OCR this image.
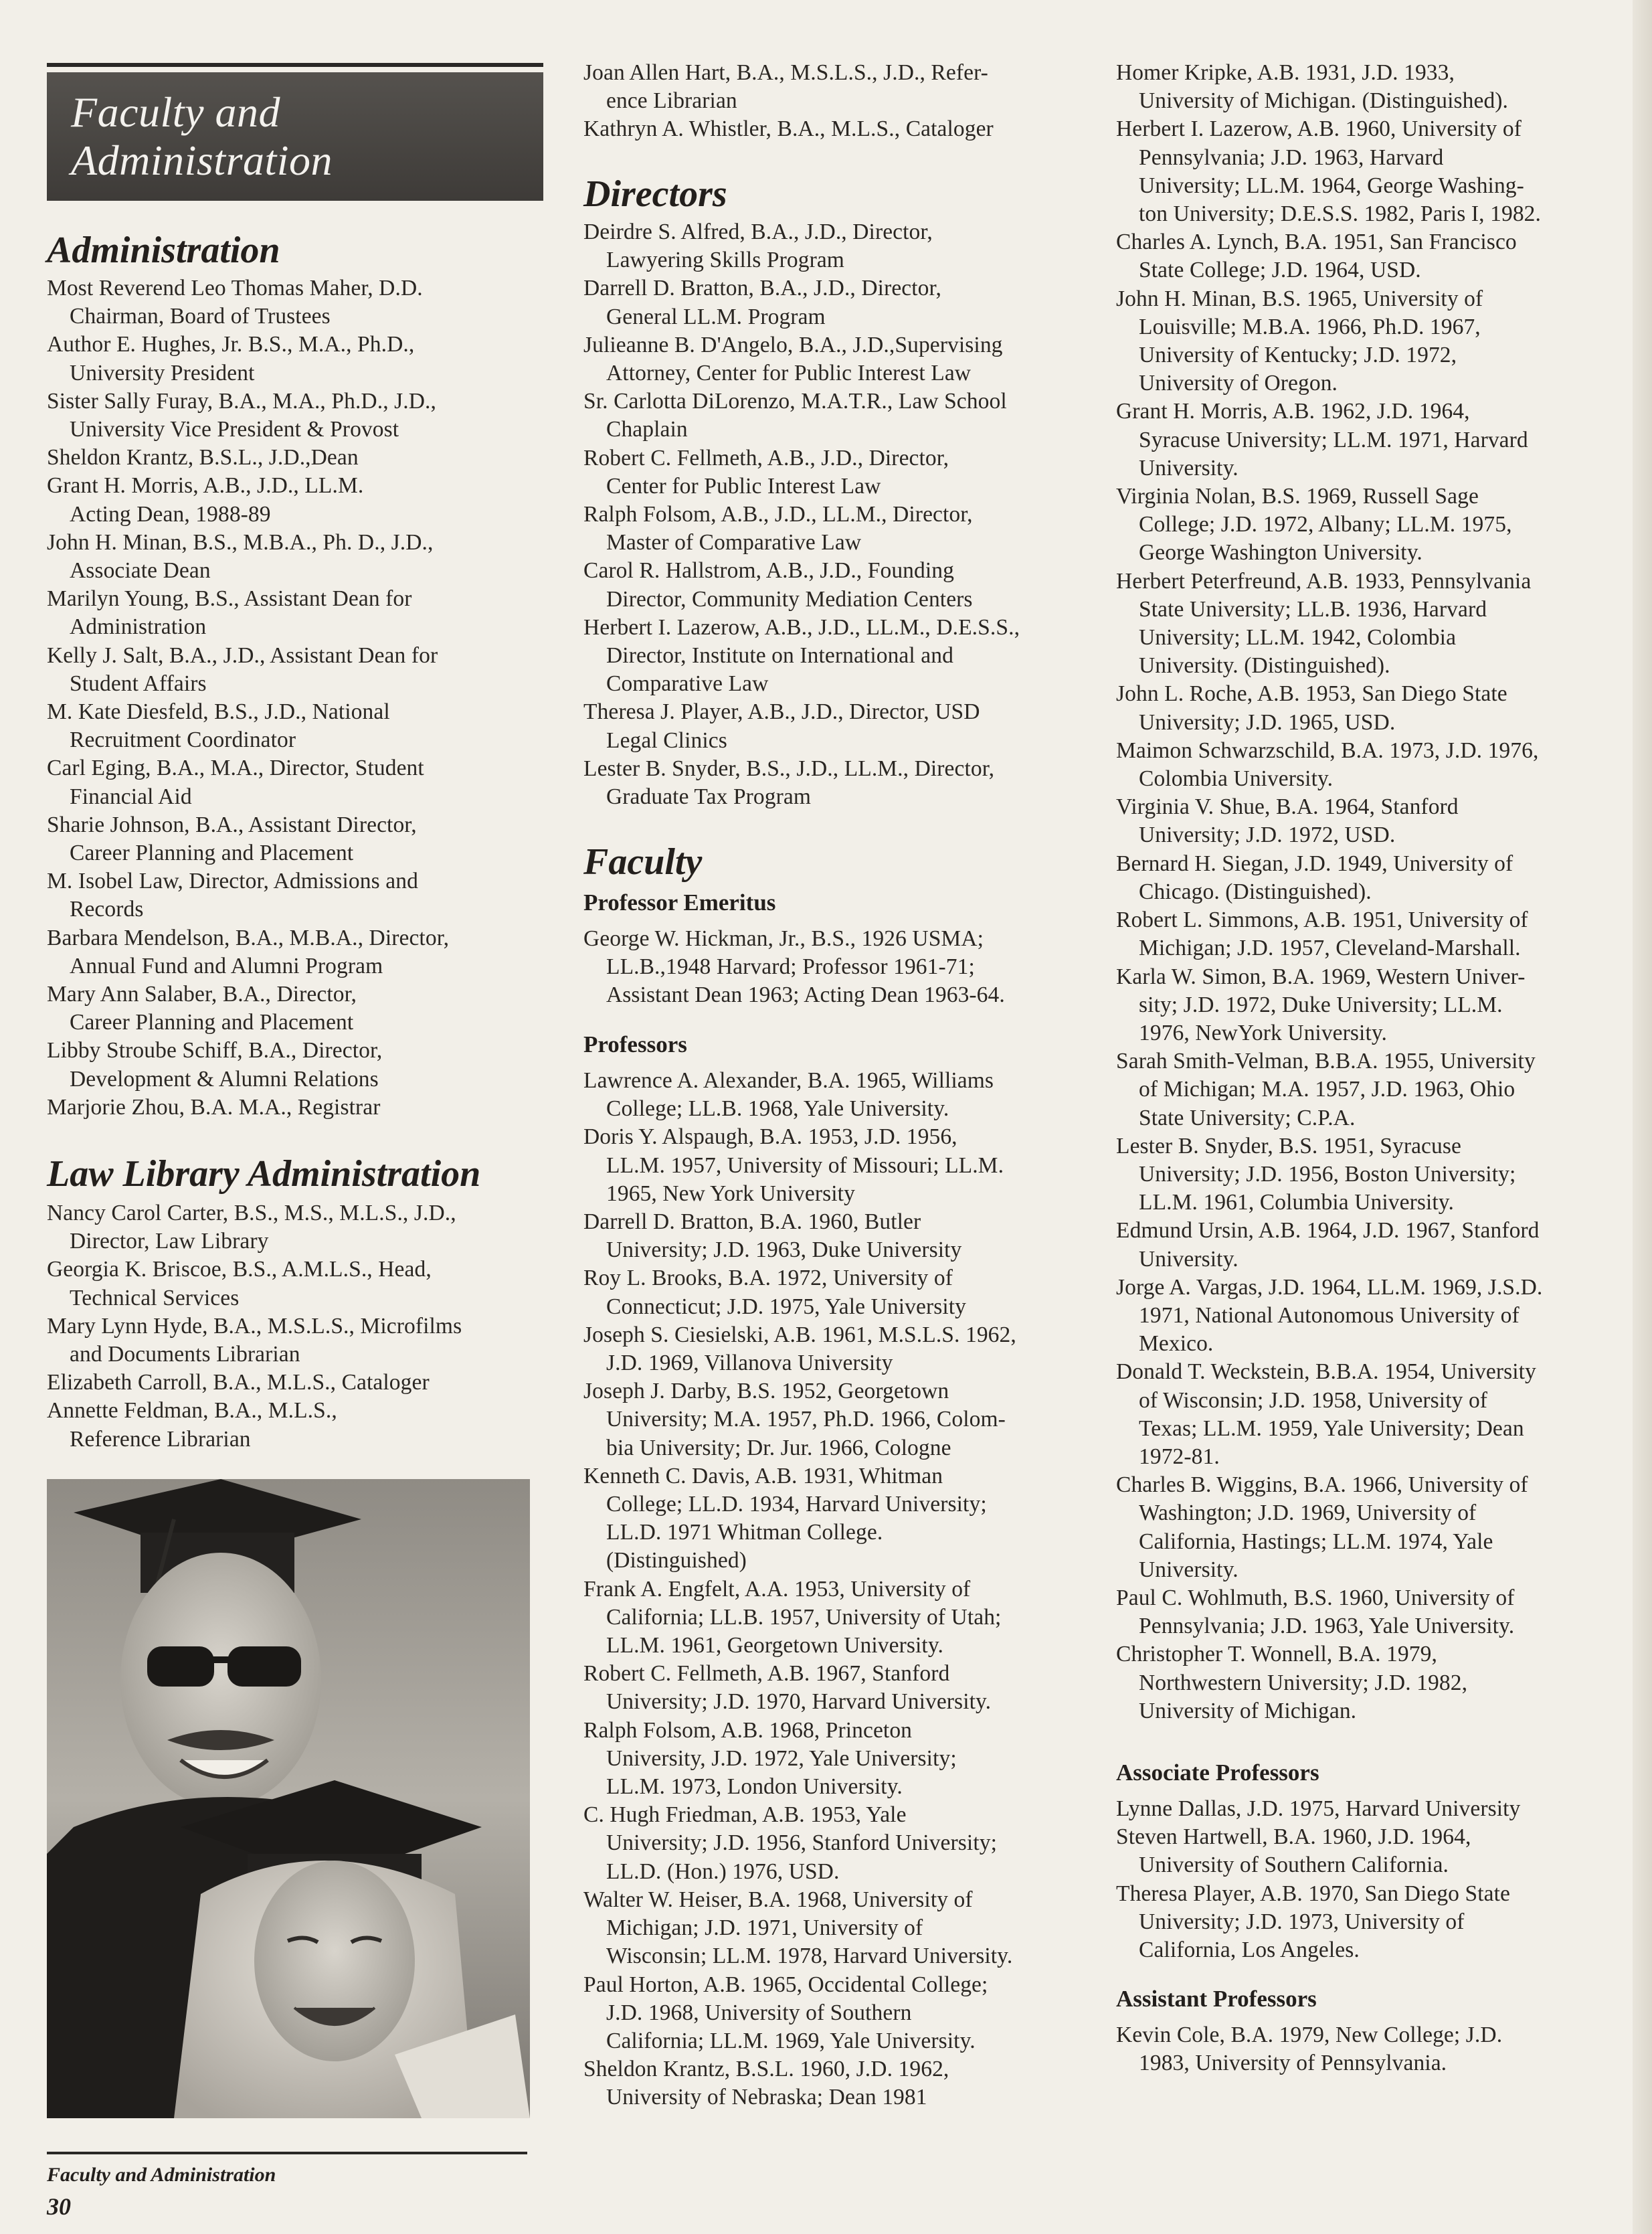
Faculty and
Administration
Administration
Most Reverend Leo Thomas Maher, D.D.
Chairman, Board of Trustees
Author E. Hughes, Jr. B.S., M.A., Ph.D.,
University President
Sister Sally Furay, B.A., M.A., Ph.D., J.D.,
University Vice President & Provost
Sheldon Krantz, B.S.L., J.D.,Dean
Grant H. Morris, A.B., J.D., LL.M.
Acting Dean, 1988-89
John H. Minan, B.S., M.B.A., Ph. D., J.D.,
Associate Dean
Marilyn Young, B.S., Assistant Dean for
Administration
Kelly J. Salt, B.A., J.D., Assistant Dean for
Student Affairs
M. Kate Diesfeld, B.S., J.D., National
Recruitment Coordinator
Carl Eging, B.A., M.A., Director, Student
Financial Aid
Sharie Johnson, B.A., Assistant Director,
Career Planning and Placement
M. Isobel Law, Director, Admissions and
Records
Barbara Mendelson, B.A., M.B.A., Director,
Annual Fund and Alumni Program
Mary Ann Salaber, B.A., Director,
Career Planning and Placement
Libby Stroube Schiff, B.A., Director,
Development & Alumni Relations
Marjorie Zhou, B.A. M.A., Registrar
Law Library Administration
Nancy Carol Carter, B.S., M.S., M.L.S., J.D.,
Director, Law Library
Georgia K. Briscoe, B.S., A.M.L.S., Head,
Technical Services
Mary Lynn Hyde, B.A., M.S.L.S., Microfilms
and Documents Librarian
Elizabeth Carroll, B.A., M.L.S., Cataloger
Annette Feldman, B.A., M.L.S.,
Reference Librarian
Joan Allen Hart, B.A., M.S.L.S., J.D., Refer-
ence Librarian
Kathryn A. Whistler, B.A., M.L.S., Cataloger
Directors
Deirdre S. Alfred, B.A., J.D., Director,
Lawyering Skills Program
Darrell D. Bratton, B.A., J.D., Director,
General LL.M. Program
Julieanne B. D'Angelo, B.A., J.D.,Supervising
Attorney, Center for Public Interest Law
Sr. Carlotta DiLorenzo, M.A.T.R., Law School
Chaplain
Robert C. Fellmeth, A.B., J.D., Director,
Center for Public Interest Law
Ralph Folsom, A.B., J.D., LL.M., Director,
Master of Comparative Law
Carol R. Hallstrom, A.B., J.D., Founding
Director, Community Mediation Centers
Herbert I. Lazerow, A.B., J.D., LL.M., D.E.S.S.,
Director, Institute on International and
Comparative Law
Theresa J. Player, A.B., J.D., Director, USD
Legal Clinics
Lester B. Snyder, B.S., J.D., LL.M., Director,
Graduate Tax Program
Faculty
Professor Emeritus
George W. Hickman, Jr., B.S., 1926 USMA;
LL.B.,1948 Harvard; Professor 1961-71;
Assistant Dean 1963; Acting Dean 1963-64.
Professors
Lawrence A. Alexander, B.A. 1965, Williams
College; LL.B. 1968, Yale University.
Doris Y. Alspaugh, B.A. 1953, J.D. 1956,
LL.M. 1957, University of Missouri; LL.M.
1965, New York University
Darrell D. Bratton, B.A. 1960, Butler
University; J.D. 1963, Duke University
Roy L. Brooks, B.A. 1972, University of
Connecticut; J.D. 1975, Yale University
Joseph S. Ciesielski, A.B. 1961, M.S.L.S. 1962,
J.D. 1969, Villanova University
Joseph J. Darby, B.S. 1952, Georgetown
University; M.A. 1957, Ph.D. 1966, Colom-
bia University; Dr. Jur. 1966, Cologne
Kenneth C. Davis, A.B. 1931, Whitman
College; LL.D. 1934, Harvard University;
LL.D. 1971 Whitman College.
(Distinguished)
Frank A. Engfelt, A.A. 1953, University of
California; LL.B. 1957, University of Utah;
LL.M. 1961, Georgetown University.
Robert C. Fellmeth, A.B. 1967, Stanford
University; J.D. 1970, Harvard University.
Ralph Folsom, A.B. 1968, Princeton
University, J.D. 1972, Yale University;
LL.M. 1973, London University.
C. Hugh Friedman, A.B. 1953, Yale
University; J.D. 1956, Stanford University;
LL.D. (Hon.) 1976, USD.
Walter W. Heiser, B.A. 1968, University of
Michigan; J.D. 1971, University of
Wisconsin; LL.M. 1978, Harvard University.
Paul Horton, A.B. 1965, Occidental College;
J.D. 1968, University of Southern
California; LL.M. 1969, Yale University.
Sheldon Krantz, B.S.L. 1960, J.D. 1962,
University of Nebraska; Dean 1981
Homer Kripke, A.B. 1931, J.D. 1933,
University of Michigan. (Distinguished).
Herbert I. Lazerow, A.B. 1960, University of
Pennsylvania; J.D. 1963, Harvard
University; LL.M. 1964, George Washing-
ton University; D.E.S.S. 1982, Paris I, 1982.
Charles A. Lynch, B.A. 1951, San Francisco
State College; J.D. 1964, USD.
John H. Minan, B.S. 1965, University of
Louisville; M.B.A. 1966, Ph.D. 1967,
University of Kentucky; J.D. 1972,
University of Oregon.
Grant H. Morris, A.B. 1962, J.D. 1964,
Syracuse University; LL.M. 1971, Harvard
University.
Virginia Nolan, B.S. 1969, Russell Sage
College; J.D. 1972, Albany; LL.M. 1975,
George Washington University.
Herbert Peterfreund, A.B. 1933, Pennsylvania
State University; LL.B. 1936, Harvard
University; LL.M. 1942, Colombia
University. (Distinguished).
John L. Roche, A.B. 1953, San Diego State
University; J.D. 1965, USD.
Maimon Schwarzschild, B.A. 1973, J.D. 1976,
Colombia University.
Virginia V. Shue, B.A. 1964, Stanford
University; J.D. 1972, USD.
Bernard H. Siegan, J.D. 1949, University of
Chicago. (Distinguished).
Robert L. Simmons, A.B. 1951, University of
Michigan; J.D. 1957, Cleveland-Marshall.
Karla W. Simon, B.A. 1969, Western Univer-
sity; J.D. 1972, Duke University; LL.M.
1976, NewYork University.
Sarah Smith-Velman, B.B.A. 1955, University
of Michigan; M.A. 1957, J.D. 1963, Ohio
State University; C.P.A.
Lester B. Snyder, B.S. 1951, Syracuse
University; J.D. 1956, Boston University;
LL.M. 1961, Columbia University.
Edmund Ursin, A.B. 1964, J.D. 1967, Stanford
University.
Jorge A. Vargas, J.D. 1964, LL.M. 1969, J.S.D.
1971, National Autonomous University of
Mexico.
Donald T. Weckstein, B.B.A. 1954, University
of Wisconsin; J.D. 1958, University of
Texas; LL.M. 1959, Yale University; Dean
1972-81.
Charles B. Wiggins, B.A. 1966, University of
Washington; J.D. 1969, University of
California, Hastings; LL.M. 1974, Yale
University.
Paul C. Wohlmuth, B.S. 1960, University of
Pennsylvania; J.D. 1963, Yale University.
Christopher T. Wonnell, B.A. 1979,
Northwestern University; J.D. 1982,
University of Michigan.
Associate Professors
Lynne Dallas, J.D. 1975, Harvard University
Steven Hartwell, B.A. 1960, J.D. 1964,
University of Southern California.
Theresa Player, A.B. 1970, San Diego State
University; J.D. 1973, University of
California, Los Angeles.
Assistant Professors
Kevin Cole, B.A. 1979, New College; J.D.
1983, University of Pennsylvania.
Faculty and Administration
30
